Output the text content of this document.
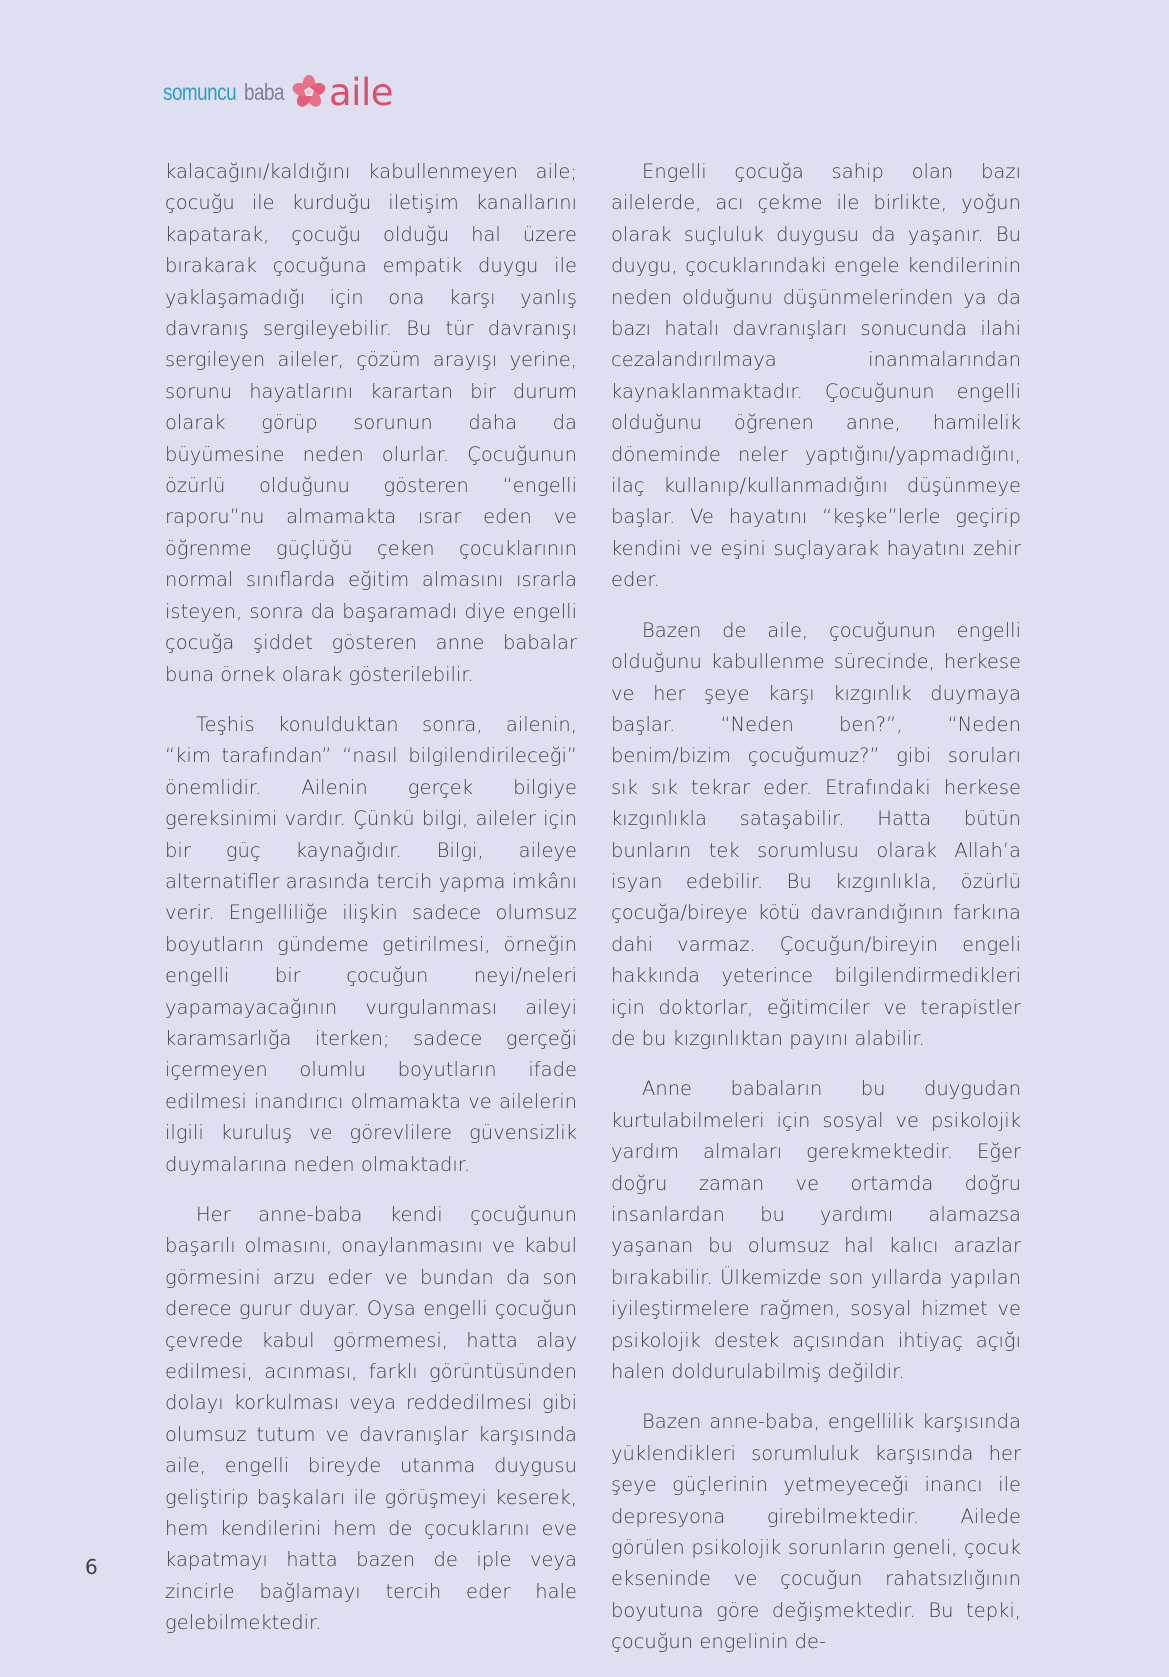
somuncu baba aile

kalacağını/kaldığını kabullenmeyen aile; çocuğu ile kurduğu iletişim kanallarını kapatarak, çocuğu olduğu hal üzere bırakarak çocuğuna empatik duygu ile yaklaşamadığı için ona karşı yanlış davranış sergileyebilir. Bu tür davranışı sergileyen aileler, çözüm arayışı yerine, sorunu hayatlarını karartan bir durum olarak görüp sorunun daha da büyümesine neden olurlar. Çocuğunun özürlü olduğunu gösteren “engelli raporu”nu almamakta ısrar eden ve öğrenme güçlüğü çeken çocuklarının normal sınıflarda eğitim almasını ısrarla isteyen, sonra da başaramadı diye engelli çocuğa şiddet gösteren anne babalar buna örnek olarak gösterilebilir.

Teşhis konulduktan sonra, ailenin, “kim tarafından” “nasıl bilgilendirileceği” önemlidir. Ailenin gerçek bilgiye gereksinimi vardır. Çünkü bilgi, aileler için bir güç kaynağıdır. Bilgi, aileye alternatifler arasında tercih yapma imkânı verir. Engelliliğe ilişkin sadece olumsuz boyutların gündeme getirilmesi, örneğin engelli bir çocuğun neyi/neleri yapamayacağının vurgulanması aileyi karamsarlığa iterken; sadece gerçeği içermeyen olumlu boyutların ifade edilmesi inandırıcı olmamakta ve ailelerin ilgili kuruluş ve görevlilere güvensizlik duymalarına neden olmaktadır.

Her anne-baba kendi çocuğunun başarılı olmasını, onaylanmasını ve kabul görmesini arzu eder ve bundan da son derece gurur duyar. Oysa engelli çocuğun çevrede kabul görmemesi, hatta alay edilmesi, acınması, farklı görüntüsünden dolayı korkulması veya reddedilmesi gibi olumsuz tutum ve davranışlar karşısında aile, engelli bireyde utanma duygusu geliştirip başkaları ile görüşmeyi keserek, hem kendilerini hem de çocuklarını eve kapatmayı hatta bazen de iple veya zincirle bağlamayı tercih eder hale gelebilmektedir.

Engelli çocuğa sahip olan bazı ailelerde, acı çekme ile birlikte, yoğun olarak suçluluk duygusu da yaşanır. Bu duygu, çocuklarındaki engele kendilerinin neden olduğunu düşünmelerinden ya da bazı hatalı davranışları sonucunda ilahi cezalandırılmaya inanmalarından kaynaklanmaktadır. Çocuğunun engelli olduğunu öğrenen anne, hamilelik döneminde neler yaptığını/yapmadığını, ilaç kullanıp/kullanmadığını düşünmeye başlar. Ve hayatını “keşke”lerle geçirip kendini ve eşini suçlayarak hayatını zehir eder.

Bazen de aile, çocuğunun engelli olduğunu kabullenme sürecinde, herkese ve her şeye karşı kızgınlık duymaya başlar. “Neden ben?”, “Neden benim/bizim çocuğumuz?” gibi soruları sık sık tekrar eder. Etrafındaki herkese kızgınlıkla sataşabilir. Hatta bütün bunların tek sorumlusu olarak Allah’a isyan edebilir. Bu kızgınlıkla, özürlü çocuğa/bireye kötü davrandığının farkına dahi varmaz. Çocuğun/bireyin engeli hakkında yeterince bilgilendirmedikleri için doktorlar, eğitimciler ve terapistler de bu kızgınlıktan payını alabilir.

Anne babaların bu duygudan kurtulabilmeleri için sosyal ve psikolojik yardım almaları gerekmektedir. Eğer doğru zaman ve ortamda doğru insanlardan bu yardımı alamazsa yaşanan bu olumsuz hal kalıcı arazlar bırakabilir. Ülkemizde son yıllarda yapılan iyileştirmelere rağmen, sosyal hizmet ve psikolojik destek açısından ihtiyaç açığı halen doldurulabilmiş değildir.

Bazen anne-baba, engellilik karşısında yüklendikleri sorumluluk karşısında her şeye güçlerinin yetmeyeceği inancı ile depresyona girebilmektedir. Ailede görülen psikolojik sorunların geneli, çocuk ekseninde ve çocuğun rahatsızlığının boyutuna göre değişmektedir. Bu tepki, çocuğun engelinin de-

6
